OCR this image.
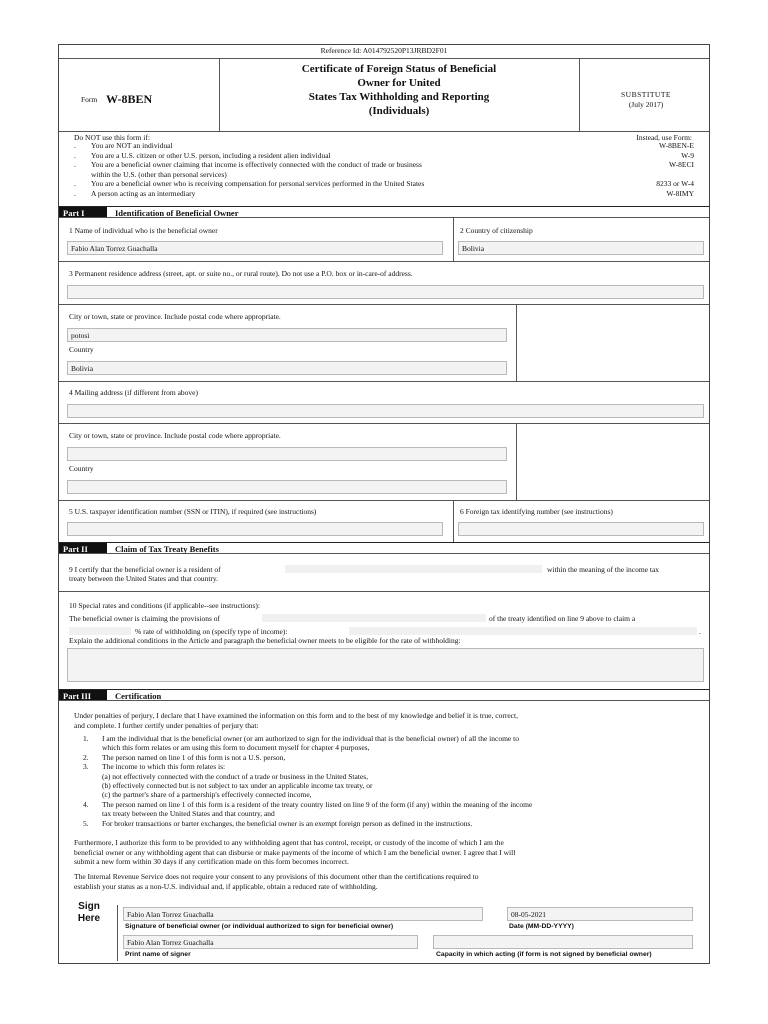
Reference Id: A014792520P13JRBD2F01
Form W-8BEN
Certificate of Foreign Status of Beneficial
Owner for United
States Tax Withholding and Reporting
(Individuals)
SUBSTITUTE
(July 2017)
Do NOT use this form if:	Instead, use Form:
. You are NOT an individual	W-8BEN-E
. You are a U.S. citizen or other U.S. person, including a resident alien individual	W-9
. You are a beneficial owner claiming that income is effectively connected with the conduct of trade or business	W-8ECI
within the U.S. (other than personal services)
. You are a beneficial owner who is receiving compensation for personal services performed in the United States	8233 or W-4
. A person acting as an intermediary	W-8IMY
Part I	Identification of Beneficial Owner
1 Name of individual who is the beneficial owner
Fabio Alan Torrez Guachalla
2 Country of citizenship
Bolivia
3 Permanent residence address (street, apt. or suite no., or rural route). Do not use a P.O. box or in-care-of address.
City or town, state or province. Include postal code where appropriate.
potosi
Country
Bolivia
4 Mailing address (if different from above)
City or town, state or province. Include postal code where appropriate.
Country
5 U.S. taxpayer identification number (SSN or ITIN), if required (see instructions)	6 Foreign tax identifying number (see instructions)
Part II	Claim of Tax Treaty Benefits
9 I certify that the beneficial owner is a resident of	within the meaning of the income tax
treaty between the United States and that country.
10 Special rates and conditions (if applicable--see instructions):
The beneficial owner is claiming the provisions of	of the treaty identified on line 9 above to claim a
% rate of withholding on (specify type of income):	.
Explain the additional conditions in the Article and paragraph the beneficial owner meets to be eligible for the rate of withholding:
Part III	Certification
Under penalties of perjury, I declare that I have examined the information on this form and to the best of my knowledge and belief it is true, correct,
and complete. I further certify under penalties of perjury that:
1. I am the individual that is the beneficial owner (or am authorized to sign for the individual that is the beneficial owner) of all the income to
which this form relates or am using this form to document myself for chapter 4 purposes,
2. The person named on line 1 of this form is not a U.S. person,
3. The income to which this form relates is:
(a) not effectively connected with the conduct of a trade or business in the United States,
(b) effectively connected but is not subject to tax under an applicable income tax treaty, or
(c) the partner's share of a partnership's effectively connected income,
4. The person named on line 1 of this form is a resident of the treaty country listed on line 9 of the form (if any) within the meaning of the income
tax treaty between the United States and that country, and
5. For broker transactions or barter exchanges, the beneficial owner is an exempt foreign person as defined in the instructions.
Furthermore, I authorize this form to be provided to any withholding agent that has control, receipt, or custody of the income of which I am the
beneficial owner or any withholding agent that can disburse or make payments of the income of which I am the beneficial owner. I agree that I will
submit a new form within 30 days if any certification made on this form becomes incorrect.
The Internal Revenue Service does not require your consent to any provisions of this document other than the certifications required to
establish your status as a non-U.S. individual and, if applicable, obtain a reduced rate of withholding.
Sign
Here	Fabio Alan Torrez Guachalla
Signature of beneficial owner (or individual authorized to sign for beneficial owner)
08-05-2021
Date (MM-DD-YYYY)
Fabio Alan Torrez Guachalla
Print name of signer	Capacity in which acting (if form is not signed by beneficial owner)
